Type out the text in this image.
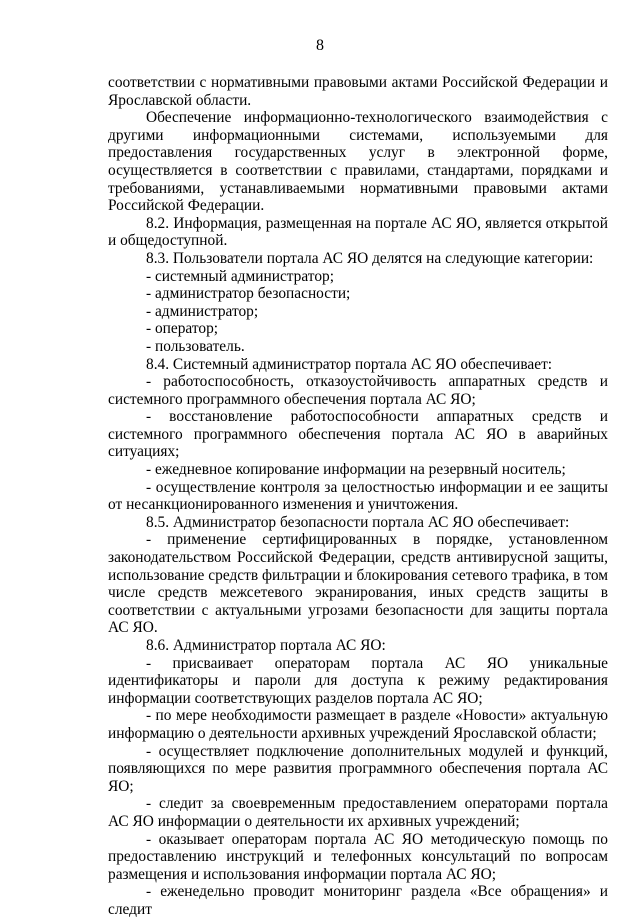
8

соответствии с нормативными правовыми актами Российской Федерации и Ярославской области.

Обеспечение информационно-технологического взаимодействия с другими информационными системами, используемыми для предоставления государственных услуг в электронной форме, осуществляется в соответствии с правилами, стандартами, порядками и требованиями, устанавливаемыми нормативными правовыми актами Российской Федерации.

8.2. Информация, размещенная на портале АС ЯО, является открытой и общедоступной.

8.3. Пользователи портала АС ЯО делятся на следующие категории:

- системный администратор;

- администратор безопасности;

- администратор;

- оператор;

- пользователь.

8.4. Системный администратор портала АС ЯО обеспечивает:

- работоспособность, отказоустойчивость аппаратных средств и системного программного обеспечения портала АС ЯО;

- восстановление работоспособности аппаратных средств и системного программного обеспечения портала АС ЯО в аварийных ситуациях;

- ежедневное копирование информации на резервный носитель;

- осуществление контроля за целостностью информации и ее защиты от несанкционированного изменения и уничтожения.

8.5. Администратор безопасности портала АС ЯО обеспечивает:

- применение сертифицированных в порядке, установленном законодательством Российской Федерации, средств антивирусной защиты, использование средств фильтрации и блокирования сетевого трафика, в том числе средств межсетевого экранирования, иных средств защиты в соответствии с актуальными угрозами безопасности для защиты портала АС ЯО.

8.6. Администратор портала АС ЯО:

- присваивает операторам портала АС ЯО уникальные идентификаторы и пароли для доступа к режиму редактирования информации соответствующих разделов портала АС ЯО;

- по мере необходимости размещает в разделе «Новости» актуальную информацию о деятельности архивных учреждений Ярославской области;

- осуществляет подключение дополнительных модулей и функций, появляющихся по мере развития программного обеспечения портала АС ЯО;

- следит за своевременным предоставлением операторами портала АС ЯО информации о деятельности их архивных учреждений;

- оказывает операторам портала АС ЯО методическую помощь по предоставлению инструкций и телефонных консультаций по вопросам размещения и использования информации портала АС ЯО;

- еженедельно проводит мониторинг раздела «Все обращения» и следит
